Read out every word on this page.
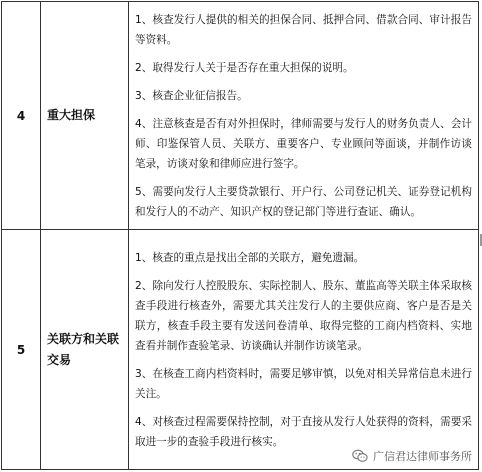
4	重大担保	1、核查发行人提供的相关的担保合同、抵押合同、借款合同、审计报告等资料。

2、取得发行人关于是否存在重大担保的说明。

3、核查企业征信报告。

4、注意核查是否有对外担保时，律师需要与发行人的财务负责人、会计师、印鉴保管人员、关联方、重要客户、专业顾问等面谈，并制作访谈笔录，访谈对象和律师应进行签字。

5、需要向发行人主要贷款银行、开户行、公司登记机关、证券登记机构和发行人的不动产、知识产权的登记部门等进行查证、确认。

5	关联方和关联交易	1、核查的重点是找出全部的关联方，避免遗漏。

2、除向发行人控股股东、实际控制人、股东、董监高等关联主体采取核查手段进行核查外，需要尤其关注发行人的主要供应商、客户是否是关联方，核查手段主要有发送问卷清单、取得完整的工商内档资料、实地查看并制作查验笔录、访谈确认并制作访谈笔录。

3、在核查工商内档资料时，需要足够审慎，以免对相关异常信息未进行关注。

4、对核查过程需要保持控制，对于直接从发行人处获得的资料，需要采取进一步的查验手段进行核实。

广信君达律师事务所
